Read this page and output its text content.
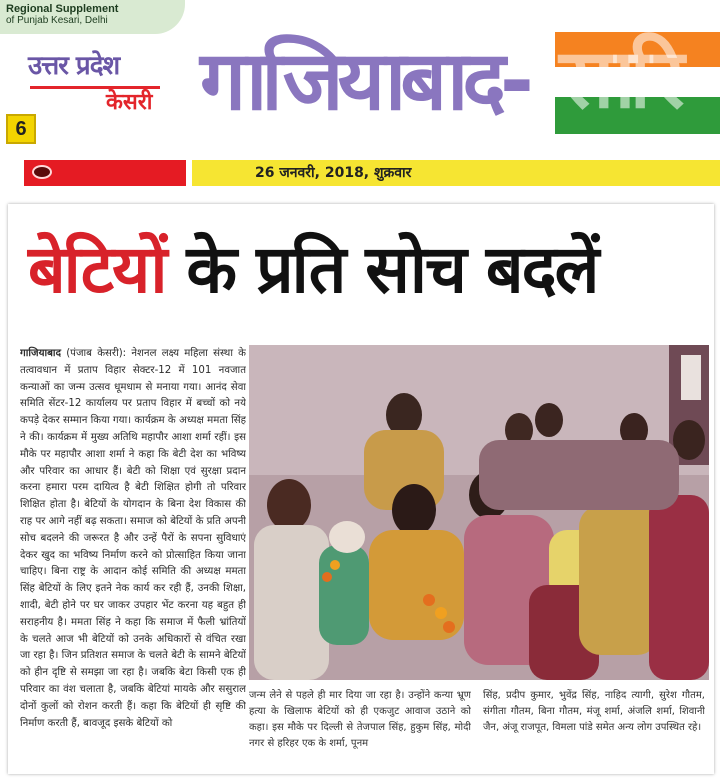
Regional Supplement
of Punjab Kesari, Delhi
उत्तर प्रदेश
केसरी
6 गाजियाबाद- सारि
26 जनवरी, 2018, शुक्रवार
बेटियों के प्रति सोच बदलें
गाजियाबाद (पंजाब केसरी): नेशनल लक्ष्य महिला संस्था के तत्वावधान में प्रताप विहार सेक्टर-12 में 101 नवजात कन्याओं का जन्म उत्सव धूमधाम से मनाया गया। आनंद सेवा समिति सेंटर-12 कार्यालय पर प्रताप विहार में बच्चों को नये कपड़े देकर सम्मान किया गया। कार्यक्रम के अध्यक्ष ममता सिंह ने की। कार्यक्रम में मुख्य अतिथि महापौर आशा शर्मा रहीं। इस मौके पर महापौर आशा शर्मा ने कहा कि बेटी देश का भविष्य और परिवार का आधार हैं। बेटी को शिक्षा एवं सुरक्षा प्रदान करना हमारा परम दायित्व है बेटी शिक्षित होगी तो परिवार शिक्षित होता है। बेटियों के योगदान के बिना देश विकास की राह पर आगे नहीं बढ़ सकता। समाज को बेटियों के प्रति अपनी सोच बदलने की जरूरत है और उन्हें पैरों के सपना सुविधाएं देकर खुद का भविष्य निर्माण करने को प्रोत्साहित किया जाना चाहिए। बिना राष्ट्र के आदान कोई समिति की अध्यक्ष ममता सिंह बेटियों के लिए इतने नेक कार्य कर रही हैं, उनकी शिक्षा, शादी, बेटी होने पर घर जाकर उपहार भेंट करना यह बहुत ही सराहनीय है। ममता सिंह ने कहा कि समाज में फैली भ्रांतियों के चलते आज भी बेटियों को उनके अधिकारों से वंचित रखा जा रहा है। जिन प्रतिशत समाज के चलते बेटी के सामने बेटियों को हीन दृष्टि से समझा जा रहा है। जबकि बेटा किसी एक ही परिवार का वंश चलाता है, जबकि बेटियां मायके और ससुराल दोनों कुलों को रोशन करती हैं। कहा कि बेटियों ही सृष्टि की निर्माण करती हैं, बावजूद इसके बेटियों को
जन्म लेने से पहले ही मार दिया जा रहा है। उन्होंने कन्या भ्रूण हत्या के खिलाफ बेटियों को ही एकजुट आवाज उठाने को कहा। इस मौके पर दिल्ली से तेजपाल सिंह, हुकुम सिंह, मोदी नगर से हरिहर एक के शर्मा, पूनम
सिंह, प्रदीप कुमार, भुवेंद्र सिंह, नाहिद त्यागी, सुरेश गौतम, संगीता गौतम, बिना गौतम, मंजू शर्मा, अंजलि शर्मा, शिवानी जैन, अंजू राजपूत, विमला पांडे समेत अन्य लोग उपस्थित रहे।
